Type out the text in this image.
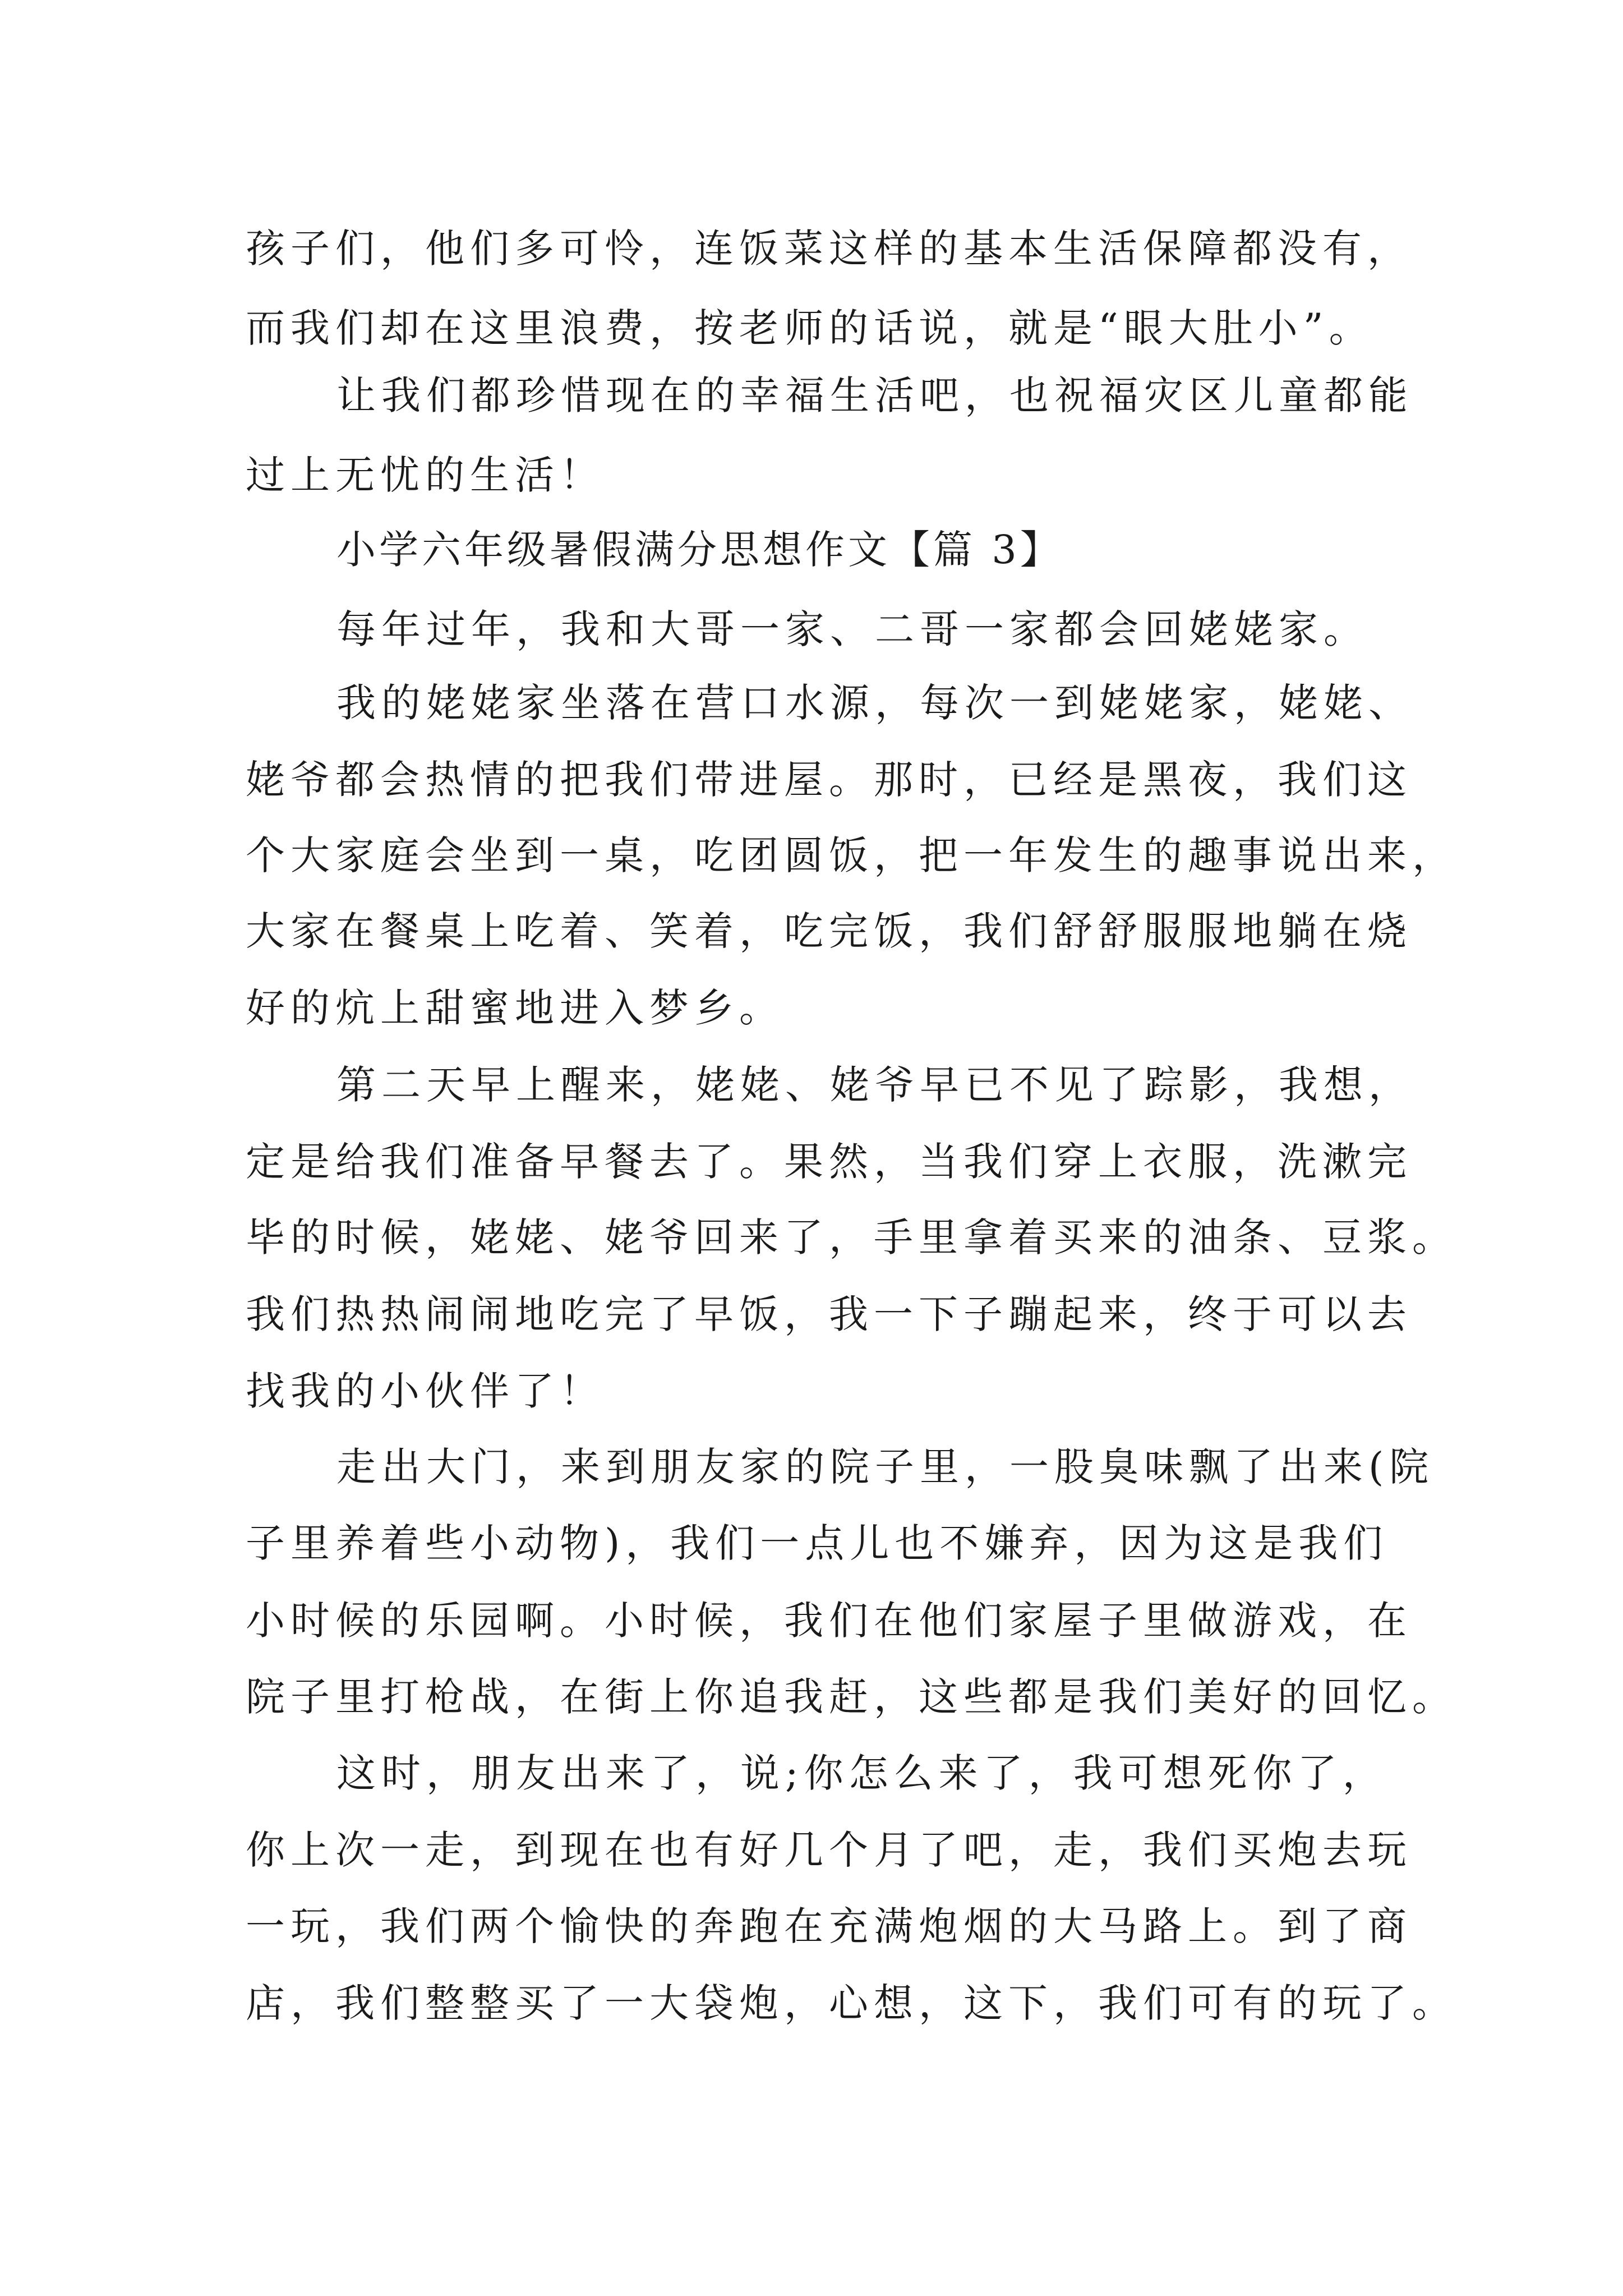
孩子们，他们多可怜，连饭菜这样的基本生活保障都没有，
而我们却在这里浪费，按老师的话说，就是“眼大肚小”。
让我们都珍惜现在的幸福生活吧，也祝福灾区儿童都能
过上无忧的生活！
小学六年级暑假满分思想作文【篇 3】
每年过年，我和大哥一家、二哥一家都会回姥姥家。
我的姥姥家坐落在营口水源，每次一到姥姥家，姥姥、
姥爷都会热情的把我们带进屋。那时，已经是黑夜，我们这
个大家庭会坐到一桌，吃团圆饭，把一年发生的趣事说出来，
大家在餐桌上吃着、笑着，吃完饭，我们舒舒服服地躺在烧
好的炕上甜蜜地进入梦乡。
第二天早上醒来，姥姥、姥爷早已不见了踪影，我想，
定是给我们准备早餐去了。果然，当我们穿上衣服，洗漱完
毕的时候，姥姥、姥爷回来了，手里拿着买来的油条、豆浆。
我们热热闹闹地吃完了早饭，我一下子蹦起来，终于可以去
找我的小伙伴了！
走出大门，来到朋友家的院子里，一股臭味飘了出来(院
子里养着些小动物)，我们一点儿也不嫌弃，因为这是我们
小时候的乐园啊。小时候，我们在他们家屋子里做游戏，在
院子里打枪战，在街上你追我赶，这些都是我们美好的回忆。
这时，朋友出来了，说;你怎么来了，我可想死你了，
你上次一走，到现在也有好几个月了吧，走，我们买炮去玩
一玩，我们两个愉快的奔跑在充满炮烟的大马路上。到了商
店，我们整整买了一大袋炮，心想，这下，我们可有的玩了。
